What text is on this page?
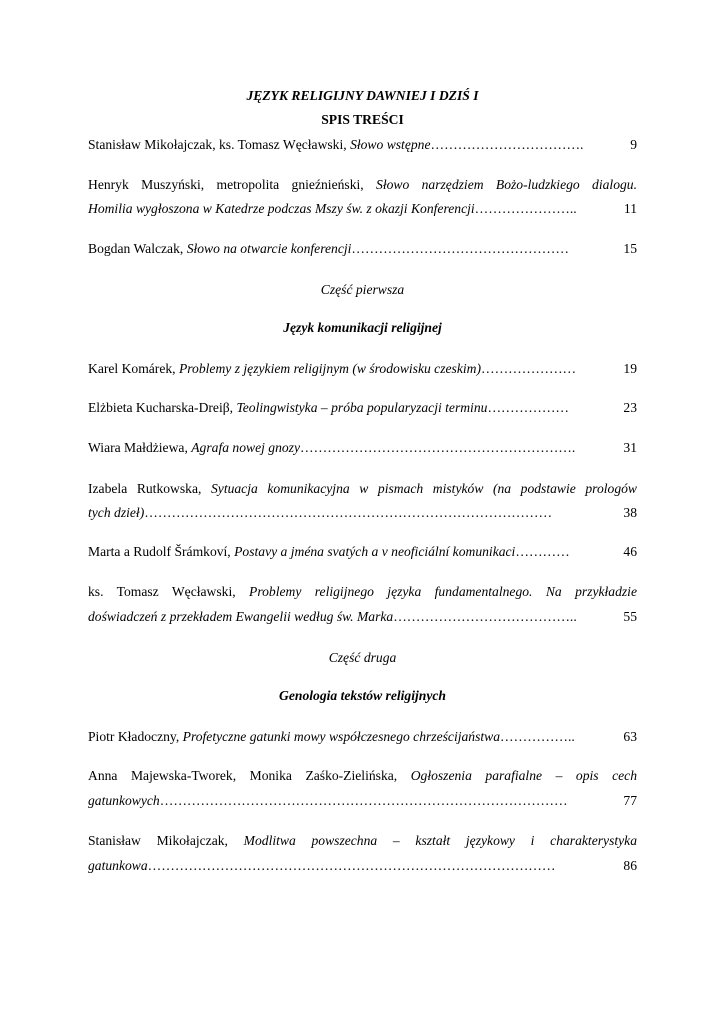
JĘZYK RELIGIJNY DAWNIEJ I DZIŚ I
SPIS TREŚCI
Stanisław Mikołajczak, ks. Tomasz Węcławski, Słowo wstępne …………………………….	9
Henryk Muszyński, metropolita gnieźnieński, Słowo narzędziem Bożo-ludzkiego dialogu.
Homilia wygłoszona w Katedrze podczas Mszy św. z okazji Konferencji …………………..	11
Bogdan Walczak, Słowo na otwarcie konferencji …………………………………………	15
Część pierwsza
Język komunikacji religijnej
Karel Komárek, Problemy z językiem religijnym (w środowisku czeskim) …………………	19
Elżbieta Kucharska-Dreiβ, Teolingwistyka – próba popularyzacji terminu ………………	23
Wiara Małdżiewa, Agrafa nowej gnozy …………………………………………………….	31
Izabela Rutkowska, Sytuacja komunikacyjna w pismach mistyków (na podstawie prologów
tych dzieł) ………………………………………………………………………………	38
Marta a Rudolf Šrámkoví, Postavy a jména svatých a v neoficiální komunikaci …………	46
ks. Tomasz Węcławski, Problemy religijnego języka fundamentalnego. Na przykładzie
doświadczeń z przekładem Ewangelii według św. Marka …………………………………..	55
Część druga
Genologia tekstów religijnych
Piotr Kładoczny, Profetyczne gatunki mowy współczesnego chrześcijaństwa ……………..	63
Anna Majewska-Tworek, Monika Zaśko-Zielińska, Ogłoszenia parafialne – opis cech
gatunkowych ………………………………………………………………………………	77
Stanisław Mikołajczak, Modlitwa powszechna – kształt językowy i charakterystyka
gatunkowa ………………………………………………………………………………	86
